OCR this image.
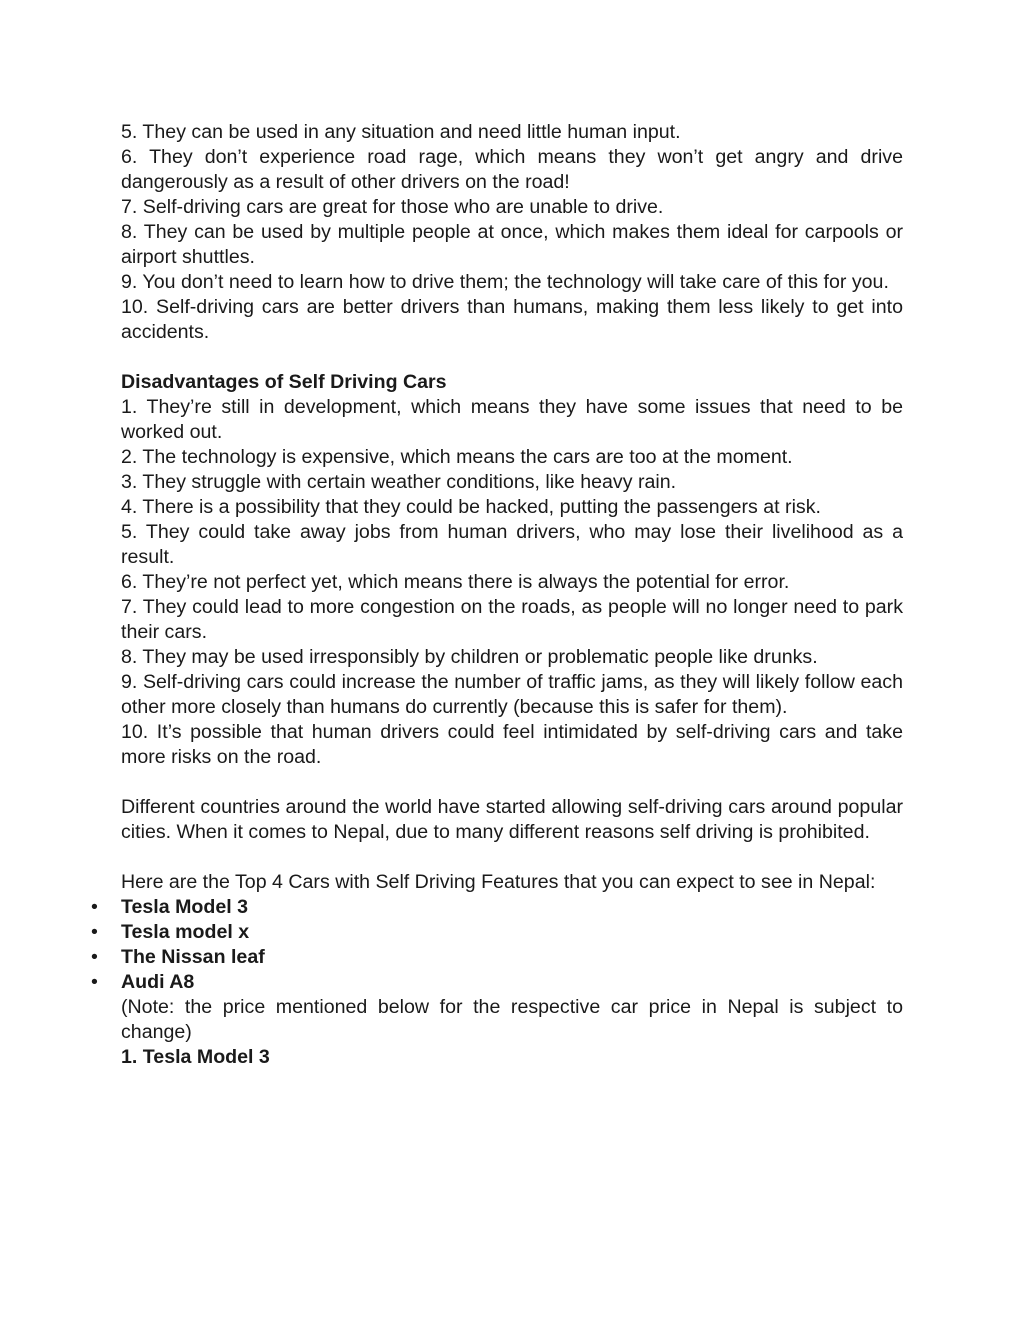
5. They can be used in any situation and need little human input.

6. They don’t experience road rage, which means they won’t get angry and drive dangerously as a result of other drivers on the road!

7. Self-driving cars are great for those who are unable to drive.

8. They can be used by multiple people at once, which makes them ideal for carpools or airport shuttles.

9. You don’t need to learn how to drive them; the technology will take care of this for you.

10. Self-driving cars are better drivers than humans, making them less likely to get into accidents.

Disadvantages of Self Driving Cars

1. They’re still in development, which means they have some issues that need to be worked out.

2. The technology is expensive, which means the cars are too at the moment.

3. They struggle with certain weather conditions, like heavy rain.

4. There is a possibility that they could be hacked, putting the passengers at risk.

5. They could take away jobs from human drivers, who may lose their livelihood as a result.

6. They’re not perfect yet, which means there is always the potential for error.

7. They could lead to more congestion on the roads, as people will no longer need to park their cars.

8. They may be used irresponsibly by children or problematic people like drunks.

9. Self-driving cars could increase the number of traffic jams, as they will likely follow each other more closely than humans do currently (because this is safer for them).

10. It’s possible that human drivers could feel intimidated by self-driving cars and take more risks on the road.

Different countries around the world have started allowing self-driving cars around popular cities. When it comes to Nepal, due to many different reasons self driving is prohibited.

Here are the Top 4 Cars with Self Driving Features that you can expect to see in Nepal:

• Tesla Model 3
• Tesla model x
• The Nissan leaf
• Audi A8

(Note: the price mentioned below for the respective car price in Nepal is subject to change)

1. Tesla Model 3
